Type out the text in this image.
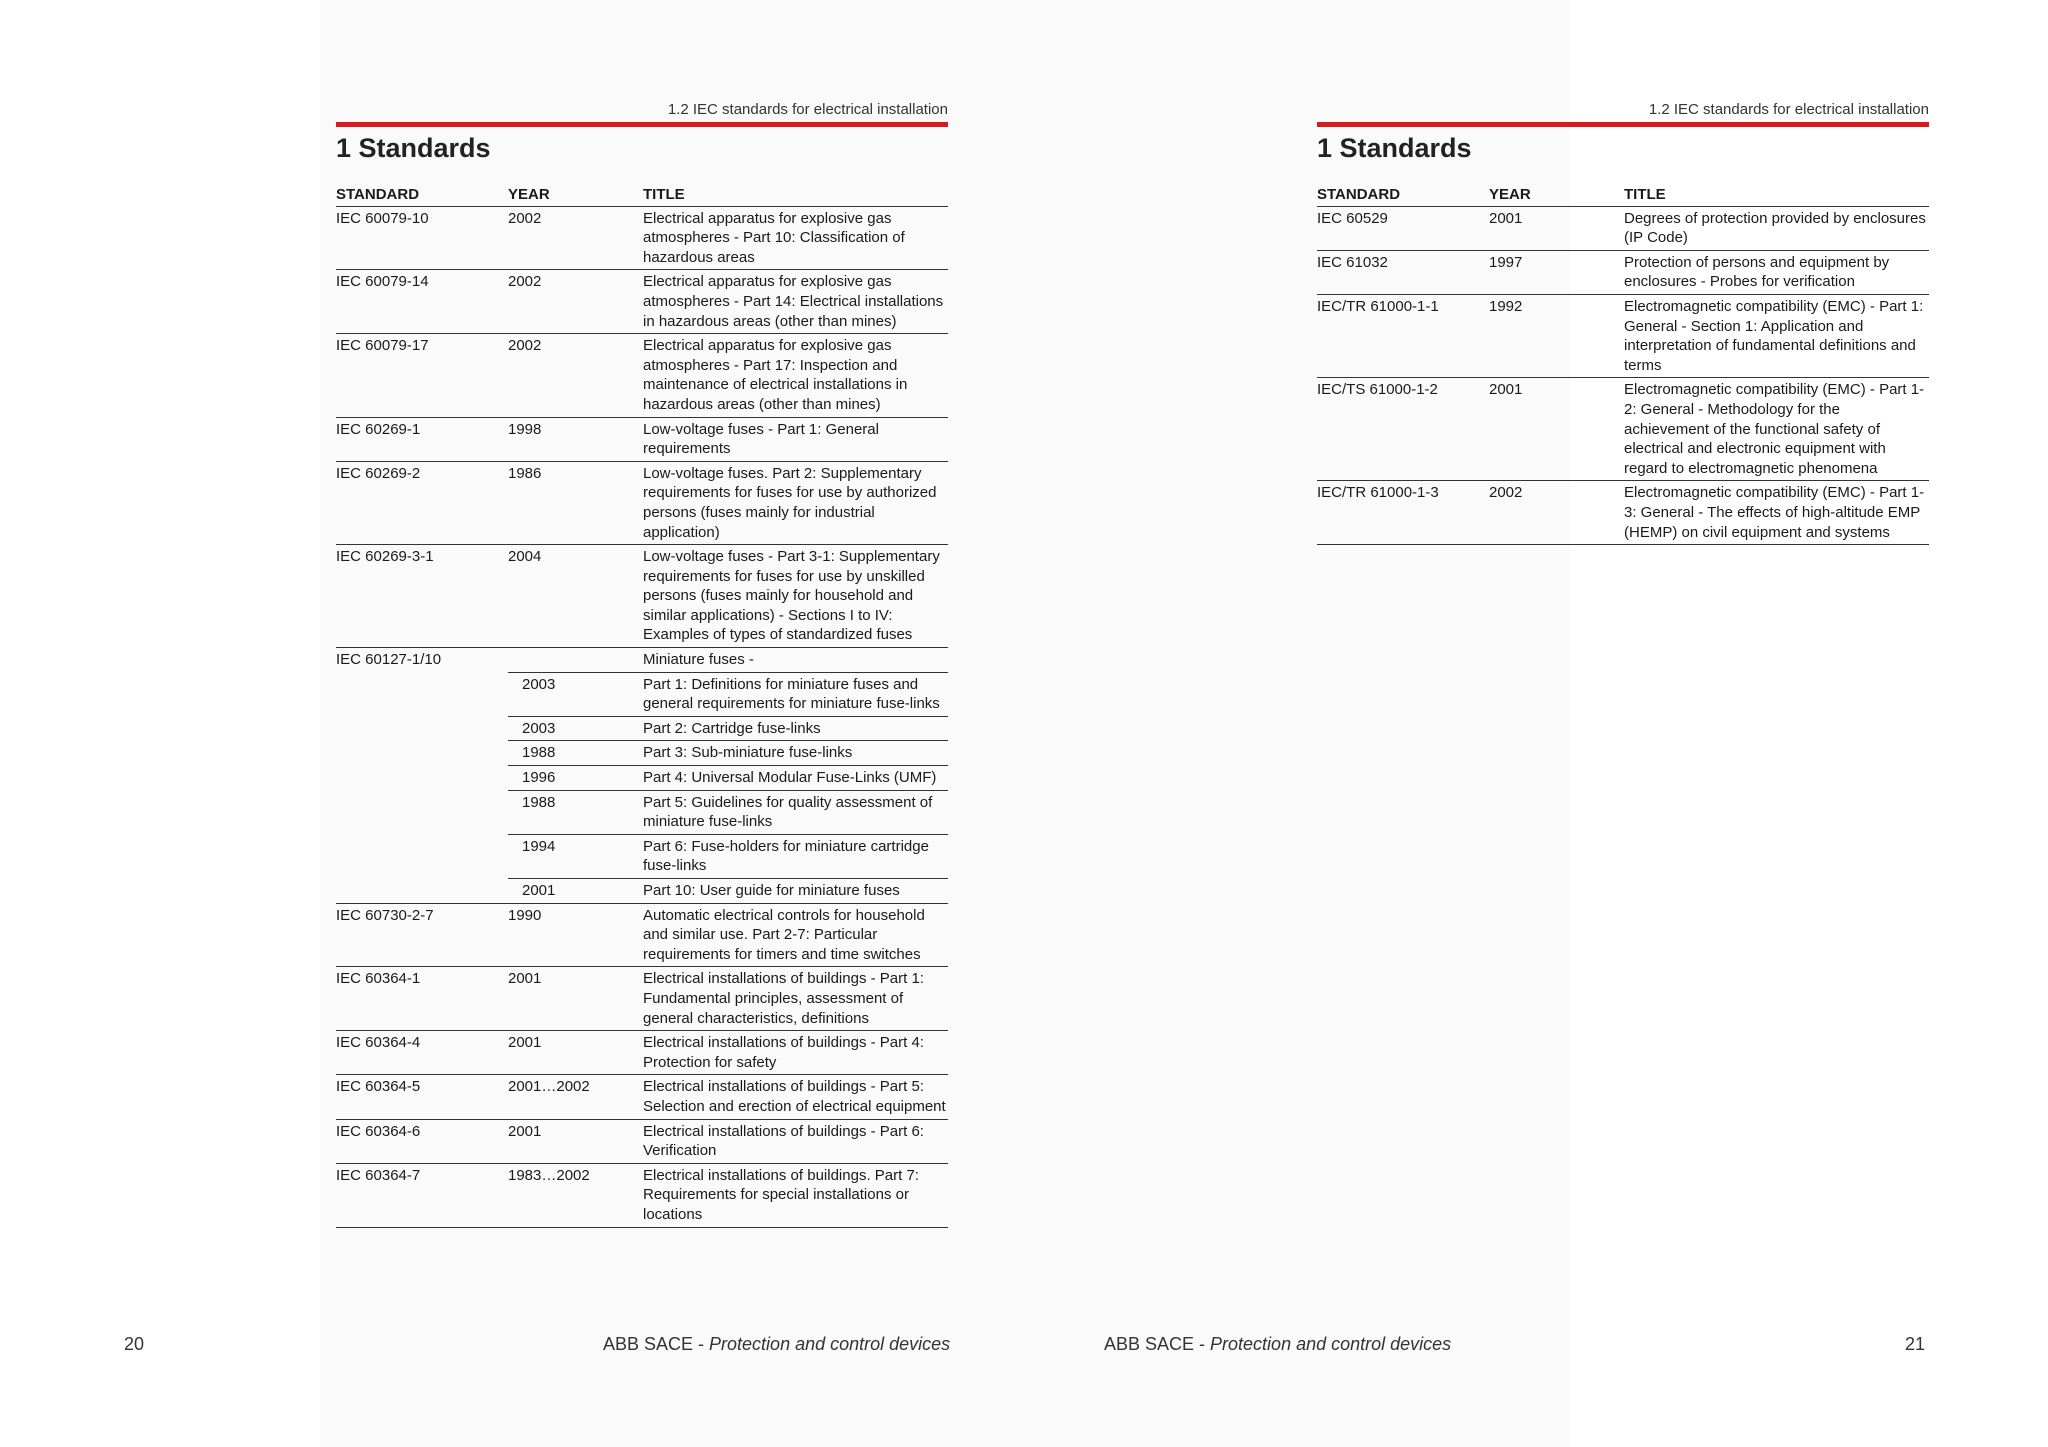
1.2 IEC standards for electrical installation
1 Standards
STANDARD	YEAR	TITLE
IEC 60079-10	2002	Electrical apparatus for explosive gas atmospheres - Part 10: Classification of hazardous areas
IEC 60079-14	2002	Electrical apparatus for explosive gas atmospheres - Part 14: Electrical installations in hazardous areas (other than mines)
IEC 60079-17	2002	Electrical apparatus for explosive gas atmospheres - Part 17: Inspection and maintenance of electrical installations in hazardous areas (other than mines)
IEC 60269-1	1998	Low-voltage fuses - Part 1: General requirements
IEC 60269-2	1986	Low-voltage fuses. Part 2: Supplementary requirements for fuses for use by authorized persons (fuses mainly for industrial application)
IEC 60269-3-1	2004	Low-voltage fuses - Part 3-1: Supplementary requirements for fuses for use by unskilled persons (fuses mainly for household and similar applications) - Sections I to IV: Examples of types of standardized fuses
IEC 60127-1/10		Miniature fuses -
	2003	Part 1: Definitions for miniature fuses and general requirements for miniature fuse-links
	2003	Part 2: Cartridge fuse-links
	1988	Part 3: Sub-miniature fuse-links
	1996	Part 4: Universal Modular Fuse-Links (UMF)
	1988	Part 5: Guidelines for quality assessment of miniature fuse-links
	1994	Part 6: Fuse-holders for miniature cartridge fuse-links
	2001	Part 10: User guide for miniature fuses
IEC 60730-2-7	1990	Automatic electrical controls for household and similar use. Part 2-7: Particular requirements for timers and time switches
IEC 60364-1	2001	Electrical installations of buildings - Part 1: Fundamental principles, assessment of general characteristics, definitions
IEC 60364-4	2001	Electrical installations of buildings - Part 4: Protection for safety
IEC 60364-5	2001…2002	Electrical installations of buildings - Part 5: Selection and erection of electrical equipment
IEC 60364-6	2001	Electrical installations of buildings - Part 6: Verification
IEC 60364-7	1983…2002	Electrical installations of buildings. Part 7: Requirements for special installations or locations
1.2 IEC standards for electrical installation
1 Standards
STANDARD	YEAR	TITLE
IEC 60529	2001	Degrees of protection provided by enclosures (IP Code)
IEC 61032	1997	Protection of persons and equipment by enclosures - Probes for verification
IEC/TR 61000-1-1	1992	Electromagnetic compatibility (EMC) - Part 1: General - Section 1: Application and interpretation of fundamental definitions and terms
IEC/TS 61000-1-2	2001	Electromagnetic compatibility (EMC) - Part 1-2: General - Methodology for the achievement of the functional safety of electrical and electronic equipment with regard to electromagnetic phenomena
IEC/TR 61000-1-3	2002	Electromagnetic compatibility (EMC) - Part 1-3: General - The effects of high-altitude EMP (HEMP) on civil equipment and systems
20	ABB SACE - Protection and control devices	ABB SACE - Protection and control devices	21
